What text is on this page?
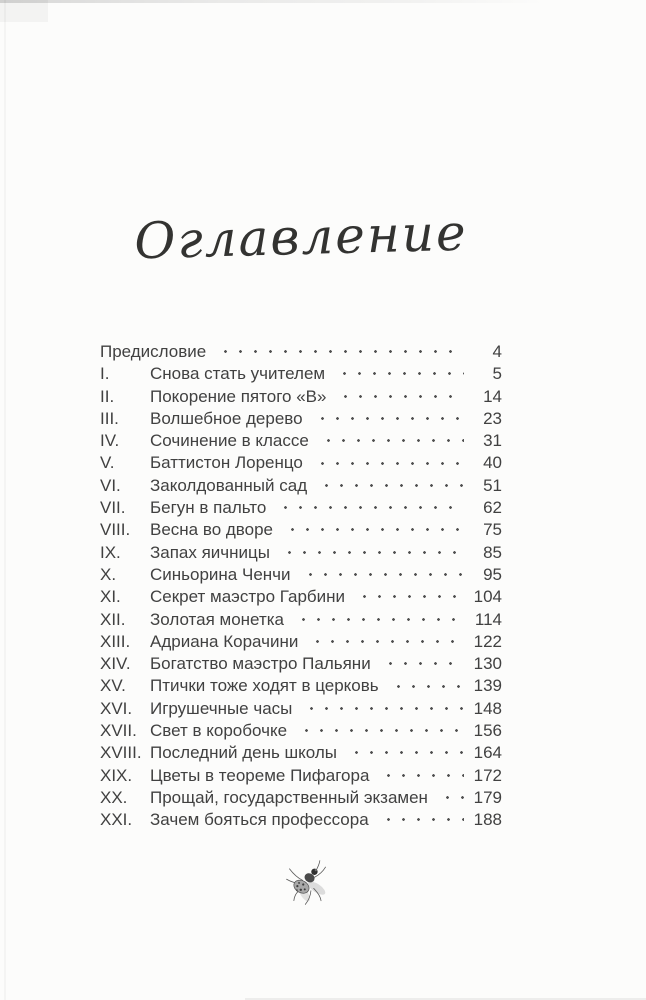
Оглавление
Предисловие	4
I.	Снова стать учителем	5
II.	Покорение пятого «В»	14
III.	Волшебное дерево	23
IV.	Сочинение в классе	31
V.	Баттистон Лоренцо	40
VI.	Заколдованный сад	51
VII.	Бегун в пальто	62
VIII.	Весна во дворе	75
IX.	Запах яичницы	85
X.	Синьорина Ченчи	95
XI.	Секрет маэстро Гарбини	104
XII.	Золотая монетка	114
XIII.	Адриана Корачини	122
XIV.	Богатство маэстро Пальяни	130
XV.	Птички тоже ходят в церковь	139
XVI.	Игрушечные часы	148
XVII. Свет в коробочке	156
XVIII. Последний день школы	164
XIX.	Цветы в теореме Пифагора	172
XX.	Прощай, государственный экзамен	179
XXI.	Зачем бояться профессора	188
